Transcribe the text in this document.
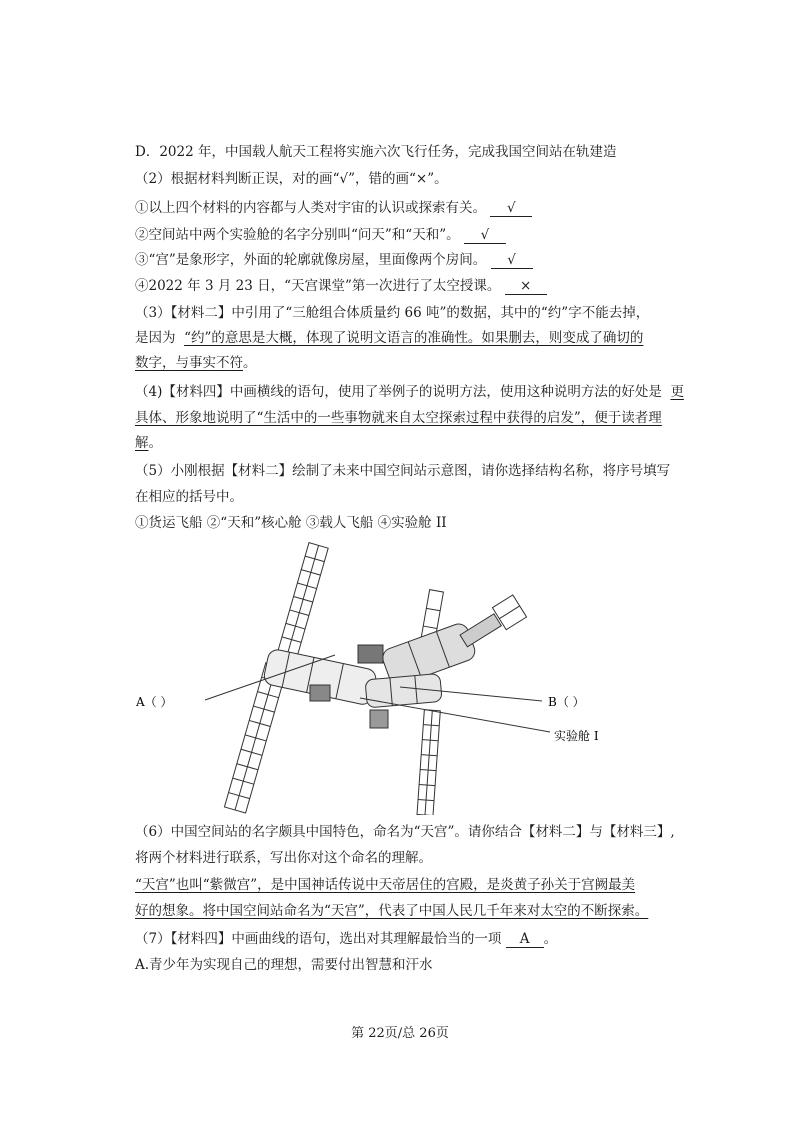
D．2022 年，中国载人航天工程将实施六次飞行任务，完成我国空间站在轨建造
（2）根据材料判断正误，对的画“√”，错的画“×”。
①以上四个材料的内容都与人类对宇宙的认识或探索有关。 √
②空间站中两个实验舱的名字分别叫“问天”和“天和”。 √
③“宫”是象形字，外面的轮廓就像房屋，里面像两个房间。 √
④2022 年 3 月 23 日，“天宫课堂”第一次进行了太空授课。 ×
（3）【材料二】中引用了“三舱组合体质量约 66 吨”的数据，其中的“约”字不能去掉，
是因为 “约”的意思是大概，体现了说明文语言的准确性。如果删去，则变成了确切的
数字，与事实不符。
（4)【材料四】中画横线的语句，使用了举例子的说明方法，使用这种说明方法的好处是 更
具体、形象地说明了“生活中的一些事物就来自太空探索过程中获得的启发”，便于读者理
解。
（5）小刚根据【材料二】绘制了未来中国空间站示意图，请你选择结构名称，将序号填写
在相应的括号中。
①货运飞船 ②“天和”核心舱 ③载人飞船 ④实验舱 II
A（ ）	B（ ）
实验舱 I
（6）中国空间站的名字颇具中国特色，命名为“天宫”。请你结合【材料二】与【材料三】,
将两个材料进行联系，写出你对这个命名的理解。
“天宫”也叫“紫微宫”，是中国神话传说中天帝居住的宫殿，是炎黄子孙关于宫阙最美
好的想象。将中国空间站命名为“天宫”，代表了中国人民几千年来对太空的不断探索。
（7）【材料四】中画曲线的语句，选出对其理解最恰当的一项 A 。
A.青少年为实现自己的理想，需要付出智慧和汗水
第 22页/总 26页
